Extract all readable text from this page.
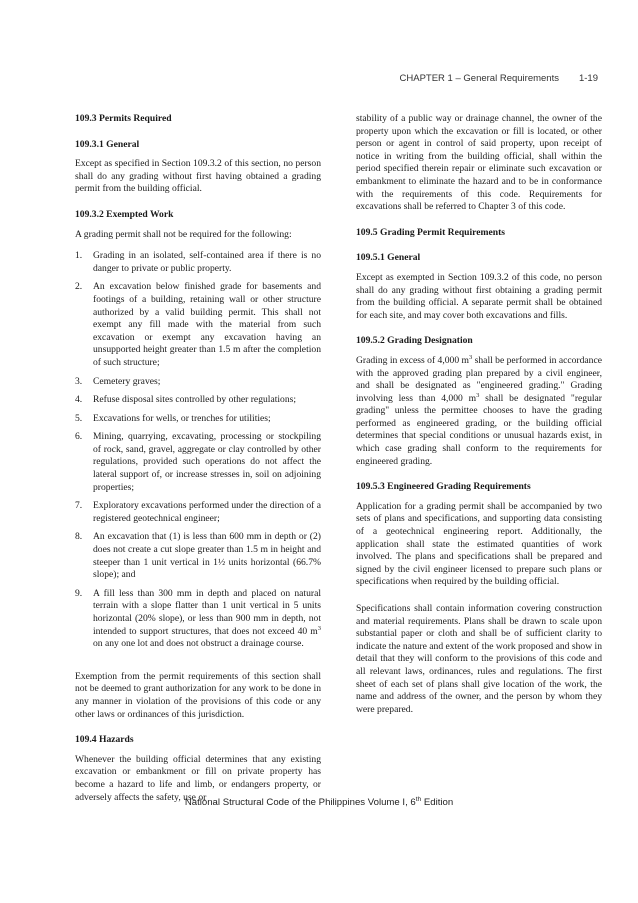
CHAPTER 1 – General Requirements 1-19
109.3 Permits Required
109.3.1 General

Except as specified in Section 109.3.2 of this section, no person shall do any grading without first having obtained a grading permit from the building official.

109.3.2 Exempted Work

A grading permit shall not be required for the following:

1.	Grading in an isolated, self-contained area if there is no danger to private or public property.
2.	An excavation below finished grade for basements and footings of a building, retaining wall or other structure authorized by a valid building permit. This shall not exempt any fill made with the material from such excavation or exempt any excavation having an unsupported height greater than 1.5 m after the completion of such structure;
3.	Cemetery graves;
4.	Refuse disposal sites controlled by other regulations;
5.	Excavations for wells, or trenches for utilities;
6.	Mining, quarrying, excavating, processing or stockpiling of rock, sand, gravel, aggregate or clay controlled by other regulations, provided such operations do not affect the lateral support of, or increase stresses in, soil on adjoining properties;
7.	Exploratory excavations performed under the direction of a registered geotechnical engineer;
8.	An excavation that (1) is less than 600 mm in depth or (2) does not create a cut slope greater than 1.5 m in height and steeper than 1 unit vertical in 1½ units horizontal (66.7% slope); and
9.	A fill less than 300 mm in depth and placed on natural terrain with a slope flatter than 1 unit vertical in 5 units horizontal (20% slope), or less than 900 mm in depth, not intended to support structures, that does not exceed 40 $m^3$ on any one lot and does not obstruct a drainage course.

Exemption from the permit requirements of this section shall not be deemed to grant authorization for any work to be done in any manner in violation of the provisions of this code or any other laws or ordinances of this jurisdiction.

109.4 Hazards

Whenever the building official determines that any existing excavation or embankment or fill on private property has become a hazard to life and limb, or endangers property, or adversely affects the safety, use or

stability of a public way or drainage channel, the owner of the property upon which the excavation or fill is located, or other person or agent in control of said property, upon receipt of notice in writing from the building official, shall within the period specified therein repair or eliminate such excavation or embankment to eliminate the hazard and to be in conformance with the requirements of this code. Requirements for excavations shall be referred to Chapter 3 of this code.

109.5 Grading Permit Requirements
109.5.1 General

Except as exempted in Section 109.3.2 of this code, no person shall do any grading without first obtaining a grading permit from the building official. A separate permit shall be obtained for each site, and may cover both excavations and fills.

109.5.2 Grading Designation

Grading in excess of 4,000 $m^3$ shall be performed in accordance with the approved grading plan prepared by a civil engineer, and shall be designated as "engineered grading." Grading involving less than 4,000 $m^3$ shall be designated "regular grading" unless the permittee chooses to have the grading performed as engineered grading, or the building official determines that special conditions or unusual hazards exist, in which case grading shall conform to the requirements for engineered grading.

109.5.3 Engineered Grading Requirements

Application for a grading permit shall be accompanied by two sets of plans and specifications, and supporting data consisting of a geotechnical engineering report. Additionally, the application shall state the estimated quantities of work involved. The plans and specifications shall be prepared and signed by the civil engineer licensed to prepare such plans or specifications when required by the building official.

Specifications shall contain information covering construction and material requirements. Plans shall be drawn to scale upon substantial paper or cloth and shall be of sufficient clarity to indicate the nature and extent of the work proposed and show in detail that they will conform to the provisions of this code and all relevant laws, ordinances, rules and regulations. The first sheet of each set of plans shall give location of the work, the name and address of the owner, and the person by whom they were prepared.

National Structural Code of the Philippines Volume I, 6th Edition
